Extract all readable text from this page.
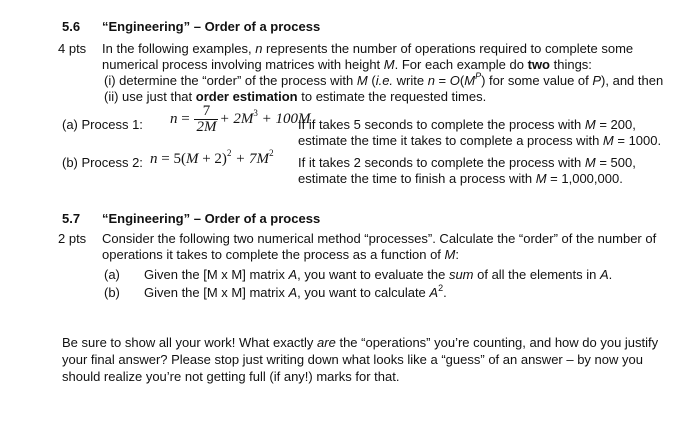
5.6 “Engineering” – Order of a process
4 pts In the following examples, n represents the number of operations required to complete some
numerical process involving matrices with height M. For each example do two things:
(i) determine the “order” of the process with M (i.e. write $n = O(M^P)$ for some value of P), and then
(ii) use just that order estimation to estimate the requested times.
(a) Process 1: $n = \frac{7}{2M} + 2M^3 + 100M$
If if takes 5 seconds to complete the process with M = 200,
estimate the time it takes to complete a process with M = 1000.
(b) Process 2: $n = 5(M + 2)^2 + 7M^2$
If it takes 2 seconds to complete the process with M = 500,
estimate the time to finish a process with M = 1,000,000.
5.7 “Engineering” – Order of a process
2 pts Consider the following two numerical method “processes”. Calculate the “order” of the number of
operations it takes to complete the process as a function of M:
(a) Given the [M x M] matrix A, you want to evaluate the sum of all the elements in A.
(b) Given the [M x M] matrix A, you want to calculate $A^2$.
Be sure to show all your work! What exactly are the “operations” you’re counting, and how do you justify
your final answer? Please stop just writing down what looks like a “guess” of an answer – by now you
should realize you’re not getting full (if any!) marks for that.
